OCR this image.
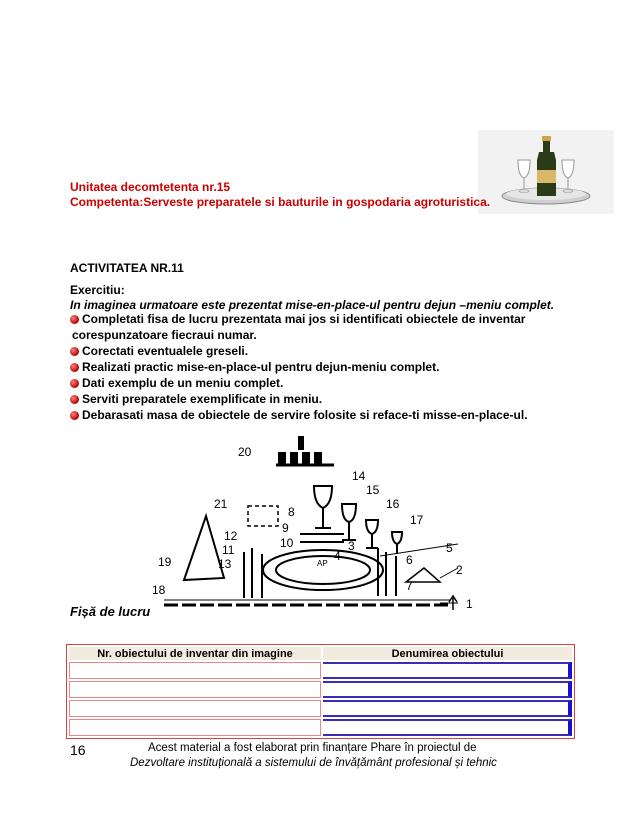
Unitatea decomtetenta nr.15
Competenta:Serveste preparatele si bauturile in gospodaria agroturistica.
ACTIVITATEA NR.11
Exercitiu:
In imaginea urmatoare este prezentat mise-en-place-ul pentru dejun –meniu complet.
Completati fisa de lucru prezentata mai jos si identificati obiectele de inventar
corespunzatoare fiecraui numar.
Corectati eventualele greseli.
Realizati practic mise-en-place-ul pentru dejun-meniu complet.
Dati exemplu de un meniu complet.
Serviti preparatele exemplificate in meniu.
Debarasati masa de obiectele de servire folosite si reface-ti misse-en-place-ul.
1
2
3
4
5
6
7
8
9
10
11
12
13
14
15
16
17
18
19
20
21
AP
Fișă de lucru
Nr. obiectului de inventar din imagine	Denumirea obiectului

16	Acest material a fost elaborat prin finanțare Phare în proiectul de
Dezvoltare instituțională a sistemului de învățământ profesional și tehnic
